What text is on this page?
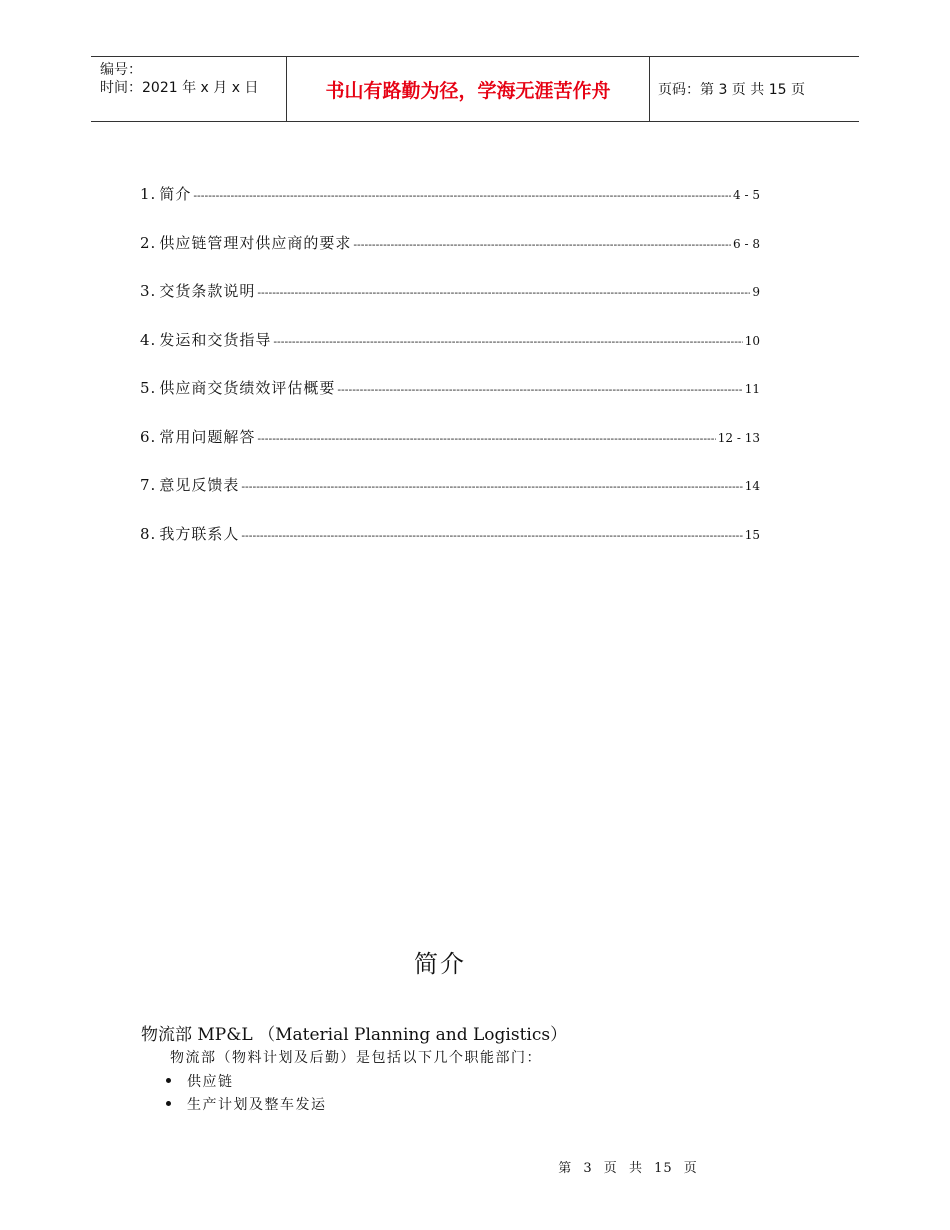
编号：
时间：2021 年 x 月 x 日	书山有路勤为径，学海无涯苦作舟	页码：第 3 页 共 15 页
1. 简介 -----	4 - 5
2. 供应链管理对供应商的要求 -----	6 - 8
3. 交货条款说明 -----	9
4. 发运和交货指导 -----	10
5. 供应商交货绩效评估概要 -----	11
6. 常用问题解答 -----	12 - 13
7. 意见反馈表 -----	14
8. 我方联系人 -----	15
简介
物流部 MP&L （Material Planning and Logistics）
物流部（物料计划及后勤）是包括以下几个职能部门：
供应链
生产计划及整车发运
第 3 页 共 15 页
